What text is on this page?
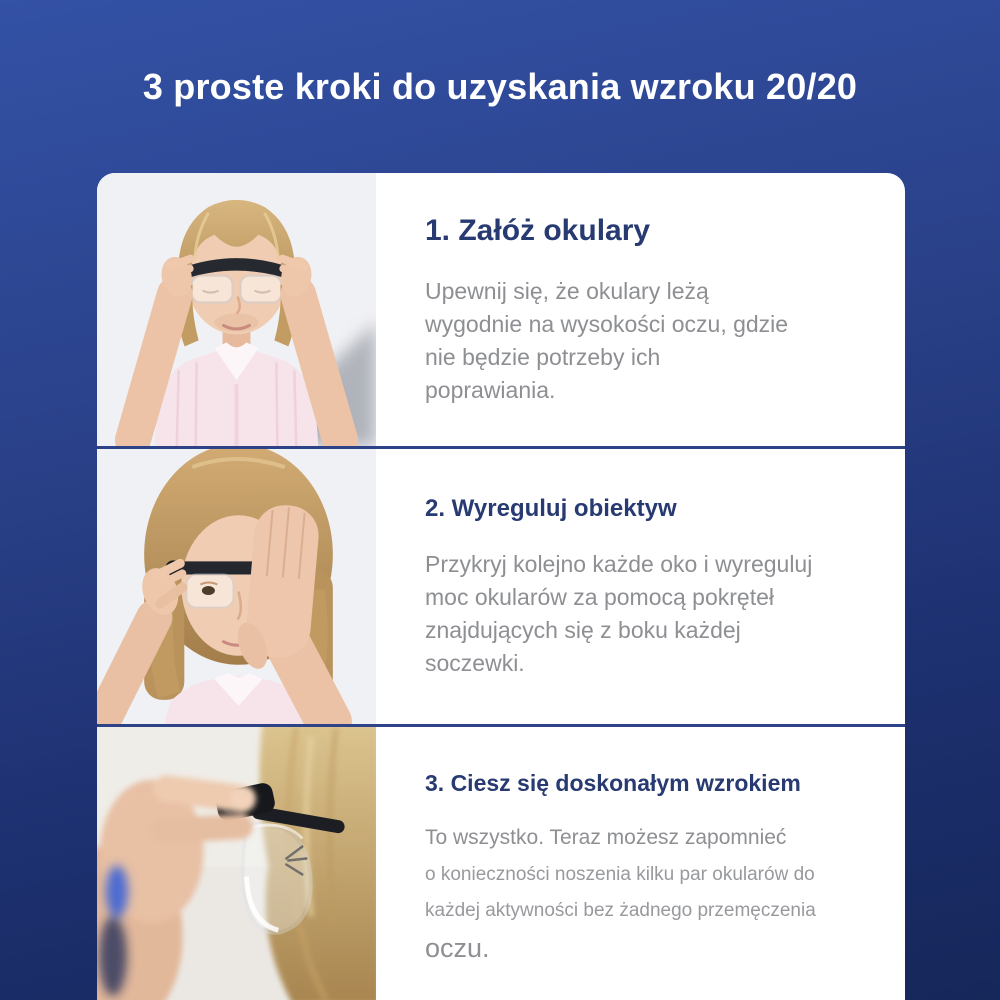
3 proste kroki do uzyskania wzroku 20/20
1. Załóż okulary

Upewnij się, że okulary leżą
wygodnie na wysokości oczu, gdzie
nie będzie potrzeby ich
poprawiania.

2. Wyreguluj obiektyw

Przykryj kolejno każde oko i wyreguluj
moc okularów za pomocą pokręteł
znajdujących się z boku każdej
soczewki.

3. Ciesz się doskonałym wzrokiem

To wszystko. Teraz możesz zapomnieć
o konieczności noszenia kilku par okularów do
każdej aktywności bez żadnego przemęczenia
oczu.
